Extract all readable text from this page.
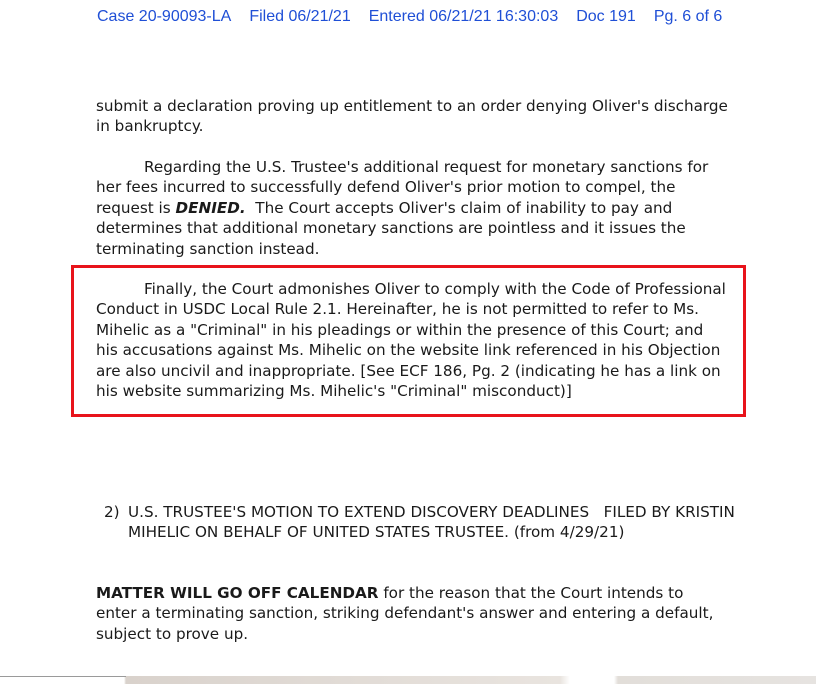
Case 20-90093-LA Filed 06/21/21 Entered 06/21/21 16:30:03 Doc 191 Pg. 6 of 6

submit a declaration proving up entitlement to an order denying Oliver's discharge in bankruptcy.

Regarding the U.S. Trustee's additional request for monetary sanctions for her fees incurred to successfully defend Oliver's prior motion to compel, the request is DENIED.  The Court accepts Oliver's claim of inability to pay and determines that additional monetary sanctions are pointless and it issues the terminating sanction instead.

Finally, the Court admonishes Oliver to comply with the Code of Professional Conduct in USDC Local Rule 2.1. Hereinafter, he is not permitted to refer to Ms. Mihelic as a "Criminal" in his pleadings or within the presence of this Court; and his accusations against Ms. Mihelic on the website link referenced in his Objection are also uncivil and inappropriate. [See ECF 186, Pg. 2 (indicating he has a link on his website summarizing Ms. Mihelic's "Criminal" misconduct)]

2) U.S. TRUSTEE'S MOTION TO EXTEND DISCOVERY DEADLINES   FILED BY KRISTIN MIHELIC ON BEHALF OF UNITED STATES TRUSTEE. (from 4/29/21)

MATTER WILL GO OFF CALENDAR for the reason that the Court intends to enter a terminating sanction, striking defendant's answer and entering a default, subject to prove up.
